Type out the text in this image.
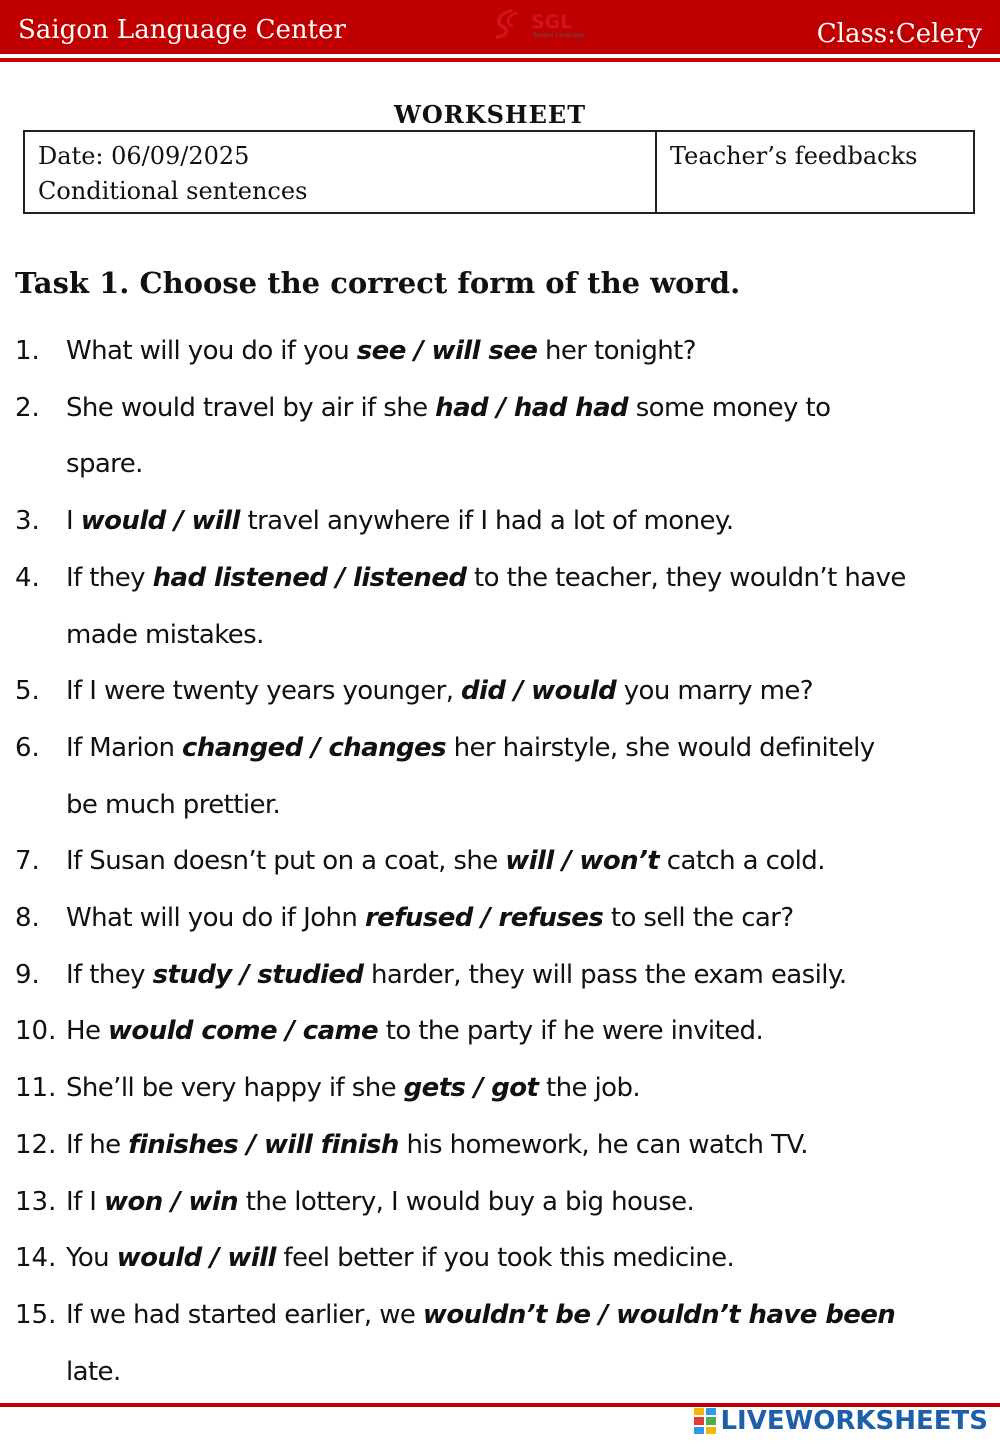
Saigon Language Center	Class:Celery
WORKSHEET
Date: 06/09/2025
Conditional sentences
Teacher’s feedbacks
SGL
Saigon Language
Task 1. Choose the correct form of the word.
1. What will you do if you see / will see her tonight?
2. She would travel by air if she had / had had some money to
spare.
3. I would / will travel anywhere if I had a lot of money.
4. If they had listened / listened to the teacher, they wouldn’t have
made mistakes.
5. If I were twenty years younger, did / would you marry me?
6. If Marion changed / changes her hairstyle, she would definitely
be much prettier.
7. If Susan doesn’t put on a coat, she will / won’t catch a cold.
8. What will you do if John refused / refuses to sell the car?
9. If they study / studied harder, they will pass the exam easily.
10. He would come / came to the party if he were invited.
11. She’ll be very happy if she gets / got the job.
12. If he finishes / will finish his homework, he can watch TV.
13. If I won / win the lottery, I would buy a big house.
14. You would / will feel better if you took this medicine.
15. If we had started earlier, we wouldn’t be / wouldn’t have been
late.
LIVEWORKSHEETS
